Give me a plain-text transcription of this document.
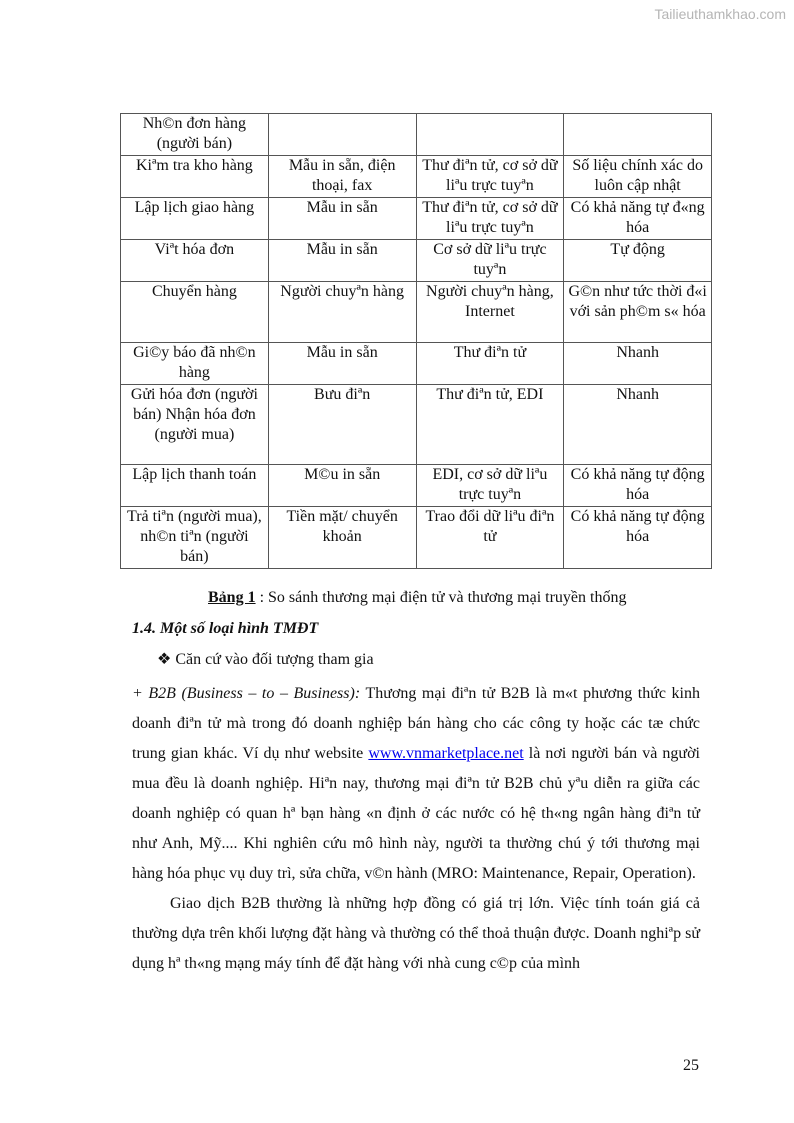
Tailieuthamkhao.com
Nh©n đơn hàng (người bán)			
Kiªm tra kho hàng	Mẫu in sẵn, điện thoại, fax	Thư điªn tử, cơ sở dữ liªu trực tuyªn	Số liệu chính xác do luôn cập nhật
Lập lịch giao hàng	Mẫu in sẵn	Thư điªn tử, cơ sở dữ liªu trực tuyªn	Có khả năng tự đ«ng hóa
Viªt hóa đơn	Mẫu in sẵn	Cơ sở dữ liªu trực tuyªn	Tự động
Chuyển hàng	Người chuyªn hàng	Người chuyªn hàng, Internet	G©n như tức thời đ«i với sản ph©m s« hóa
Gi©y báo đã nh©n hàng	Mẫu in sẵn	Thư điªn tử	Nhanh
Gửi hóa đơn (người bán) Nhận hóa đơn (người mua)	Bưu điªn	Thư điªn tử, EDI	Nhanh
Lập lịch thanh toán	M©u in sẵn	EDI, cơ sở dữ liªu trực tuyªn	Có khả năng tự động hóa
Trả tiªn (người mua), nh©n tiªn (người bán)	Tiền mặt/ chuyển khoản	Trao đổi dữ liªu điªn tử	Có khả năng tự động hóa
Bảng 1 : So sánh thương mại điện tử và thương mại truyền thống
1.4. Một số loại hình TMĐT
❖ Căn cứ vào đối tượng tham gia

+ B2B (Business – to – Business): Thương mại điªn tử B2B là m«t phương thức kinh doanh điªn tử mà trong đó doanh nghiệp bán hàng cho các công ty hoặc các tæ chức trung gian khác. Ví dụ như website www.vnmarketplace.net là nơi người bán và người mua đều là doanh nghiệp. Hiªn nay, thương mại điªn tử B2B chủ yªu diễn ra giữa các doanh nghiệp có quan hª bạn hàng «n định ở các nước có hệ th«ng ngân hàng điªn tử như Anh, Mỹ.... Khi nghiên cứu mô hình này, người ta thường chú ý tới thương mại hàng hóa phục vụ duy trì, sửa chữa, v©n hành (MRO: Maintenance, Repair, Operation).

Giao dịch B2B thường là những hợp đồng có giá trị lớn. Việc tính toán giá cả thường dựa trên khối lượng đặt hàng và thường có thể thoả thuận được. Doanh nghiªp sử dụng hª th«ng mạng máy tính để đặt hàng với nhà cung c©p của mình

25
